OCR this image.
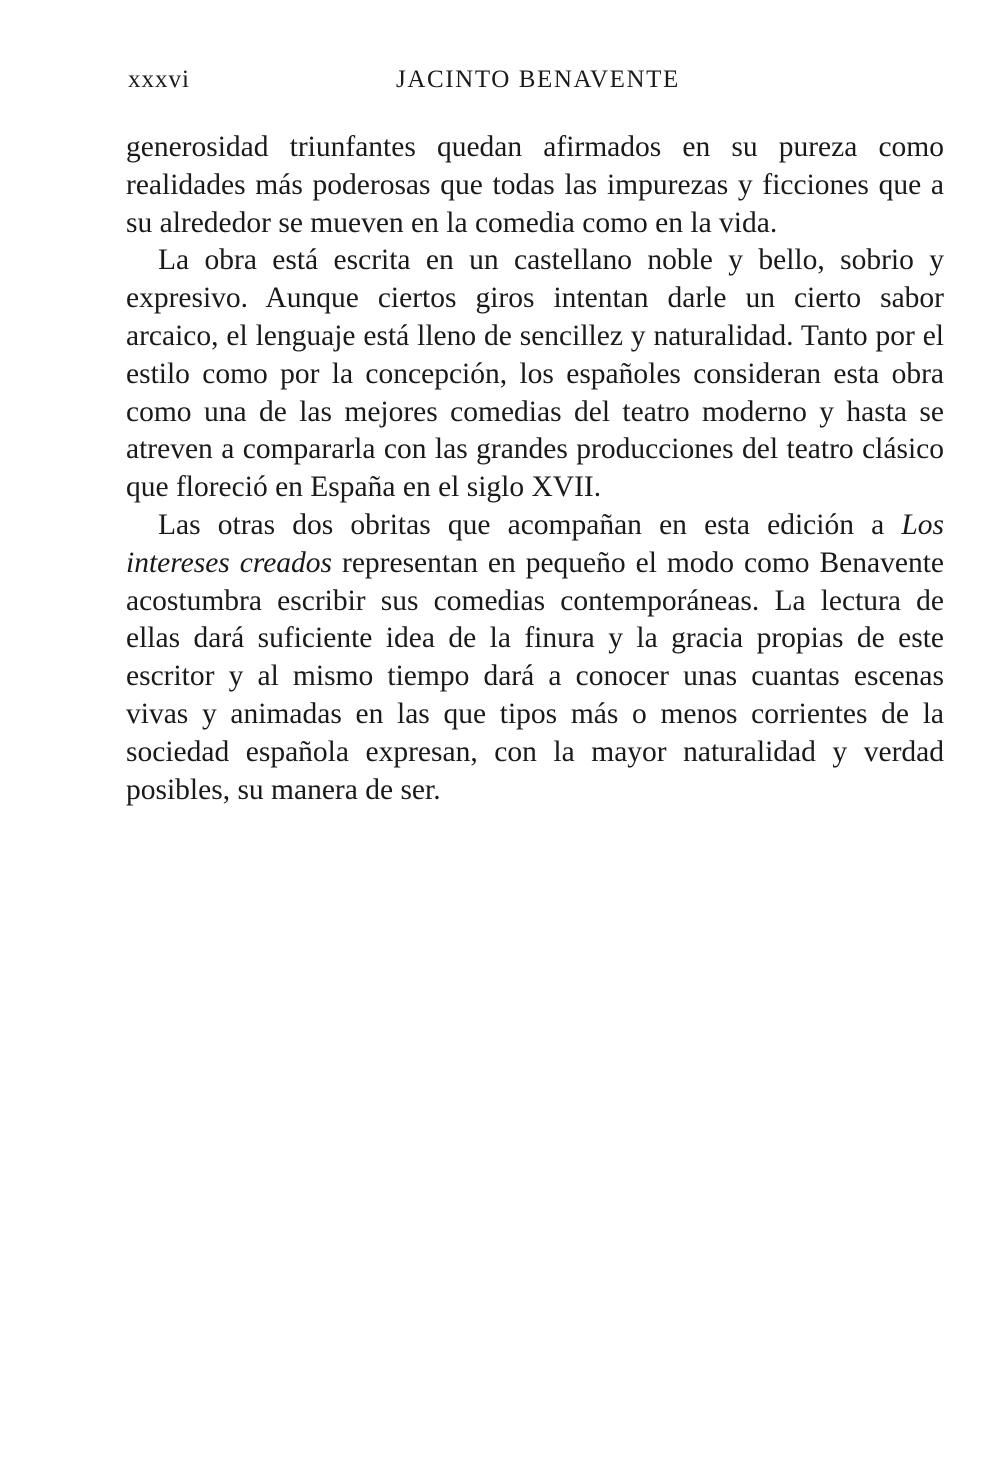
xxxvi	JACINTO BENAVENTE

generosidad triunfantes quedan afirmados en su pureza como realidades más poderosas que todas las impurezas y ficciones que a su alrededor se mueven en la comedia como en la vida.

La obra está escrita en un castellano noble y bello, sobrio y expresivo. Aunque ciertos giros intentan darle un cierto sabor arcaico, el lenguaje está lleno de sencillez y naturalidad. Tanto por el estilo como por la concepción, los españoles consideran esta obra como una de las mejores comedias del teatro moderno y hasta se atreven a compararla con las grandes producciones del teatro clásico que floreció en España en el siglo XVII.

Las otras dos obritas que acompañan en esta edición a Los intereses creados representan en pequeño el modo como Benavente acostumbra escribir sus comedias contemporáneas. La lectura de ellas dará suficiente idea de la finura y la gracia propias de este escritor y al mismo tiempo dará a conocer unas cuantas escenas vivas y animadas en las que tipos más o menos corrientes de la sociedad española expresan, con la mayor naturalidad y verdad posibles, su manera de ser.
